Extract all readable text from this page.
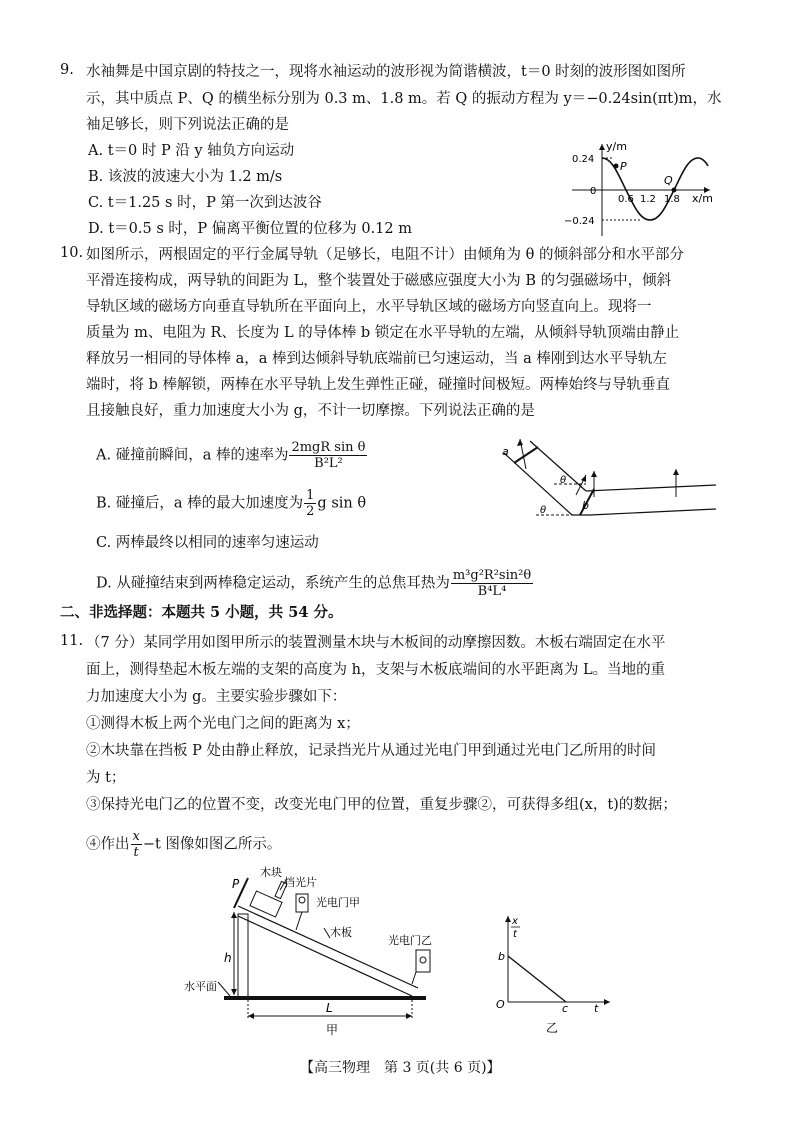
9. 水袖舞是中国京剧的特技之一，现将水袖运动的波形视为简谐横波，t＝0 时刻的波形图如图所
示，其中质点 P、Q 的横坐标分别为 0.3 m、1.8 m。若 Q 的振动方程为 y＝−0.24sin(πt)m，水
袖足够长，则下列说法正确的是
A. t＝0 时 P 沿 y 轴负方向运动
B. 该波的波速大小为 1.2 m/s
C. t＝1.25 s 时，P 第一次到达波谷
D. t＝0.5 s 时，P 偏离平衡位置的位移为 0.12 m
y/m
x/m
0.24
−0.24
0
0.6 1.2 1.8
P
Q
10. 如图所示，两根固定的平行金属导轨（足够长，电阻不计）由倾角为 θ 的倾斜部分和水平部分
平滑连接构成，两导轨的间距为 L，整个装置处于磁感应强度大小为 B 的匀强磁场中，倾斜
导轨区域的磁场方向垂直导轨所在平面向上，水平导轨区域的磁场方向竖直向上。现将一
质量为 m、电阻为 R、长度为 L 的导体棒 b 锁定在水平导轨的左端，从倾斜导轨顶端由静止
释放另一相同的导体棒 a，a 棒到达倾斜导轨底端前已匀速运动，当 a 棒刚到达水平导轨左
端时，将 b 棒解锁，两棒在水平导轨上发生弹性正碰，碰撞时间极短。两棒始终与导轨垂直
且接触良好，重力加速度大小为 g，不计一切摩擦。下列说法正确的是
A. 碰撞前瞬间，a 棒的速率为 $\frac{\text{2mgR sin θ}}{\text{B²L²}}$
B. 碰撞后，a 棒的最大加速度为 $\frac{1}{2}$ g sin θ
C. 两棒最终以相同的速率匀速运动
D. 从碰撞结束到两棒稳定运动，系统产生的总焦耳热为 $\frac{\text{m³g²R²sin²θ}}{\text{B⁴L⁴}}$
a
b
θ
θ
二、非选择题：本题共 5 小题，共 54 分。
11. （7 分）某同学用如图甲所示的装置测量木块与木板间的动摩擦因数。木板右端固定在水平
面上，测得垫起木板左端的支架的高度为 h，支架与木板底端间的水平距离为 L。当地的重
力加速度大小为 g。主要实验步骤如下：
①测得木板上两个光电门之间的距离为 x；
②木块靠在挡板 P 处由静止释放，记录挡光片从通过光电门甲到通过光电门乙所用的时间
为 t；
③保持光电门乙的位置不变，改变光电门甲的位置，重复步骤②，可获得多组(x，t)的数据；
④作出 $\frac{x}{t} -t$ 图像如图乙所示。
P
木块
挡光片
光电门甲
木板
光电门乙
h
水平面
L
甲
x
t
b
O	c t
乙
【高三物理　第 3 页(共 6 页)】
